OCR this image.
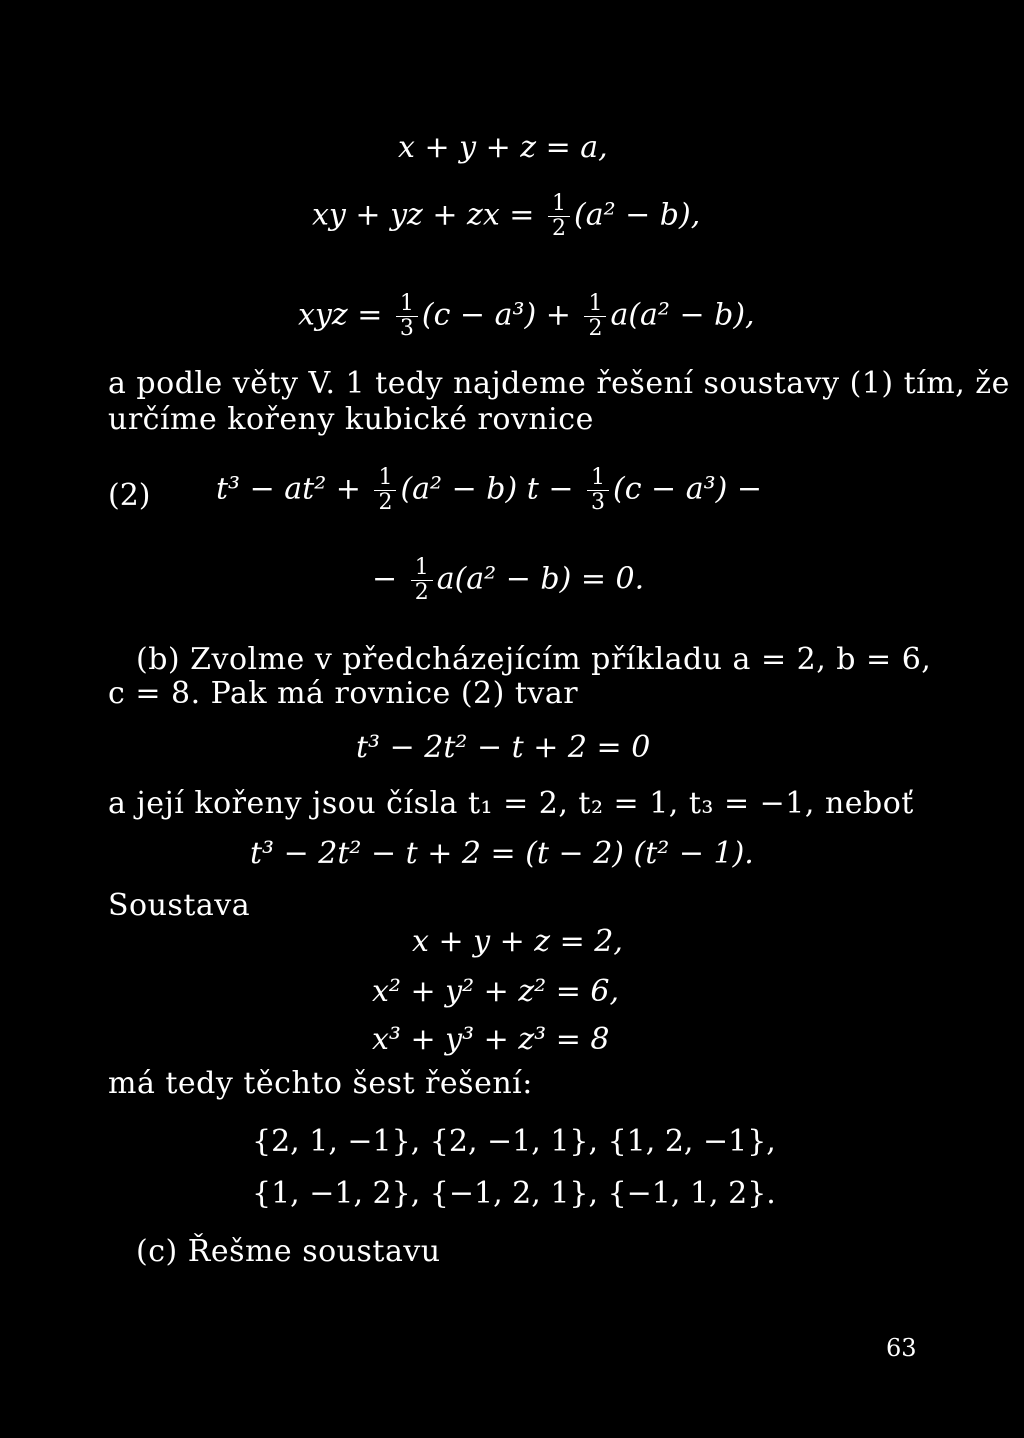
x + y + z = a,
xy + yz + zx = $\frac{1}{2} (a^2 - b)$,
xyz = $\frac{1}{3} (c - a^3) + \frac{1}{2} a(a^2 - b)$,
a podle věty V. 1 tedy najdeme řešení soustavy (1) tím, že
určíme kořeny kubické rovnice
(2) $t^3 - at^2 + \frac{1}{2} (a^2 - b) t - \frac{1}{3} (c - a^3)$ −
− $\frac{1}{2} a(a^2 - b) = 0$.
(b) Zvolme v předcházejícím příkladu a = 2, b = 6,
c = 8. Pak má rovnice (2) tvar
t³ − 2t² − t + 2 = 0
a její kořeny jsou čísla t₁ = 2, t₂ = 1, t₃ = −1, neboť
t³ − 2t² − t + 2 = (t − 2) (t² − 1).
Soustava
x + y + z = 2,
x² + y² + z² = 6,
x³ + y³ + z³ = 8
má tedy těchto šest řešení:
{2, 1, −1}, {2, −1, 1}, {1, 2, −1},
{1, −1, 2}, {−1, 2, 1}, {−1, 1, 2}.
(c) Řešme soustavu
63
